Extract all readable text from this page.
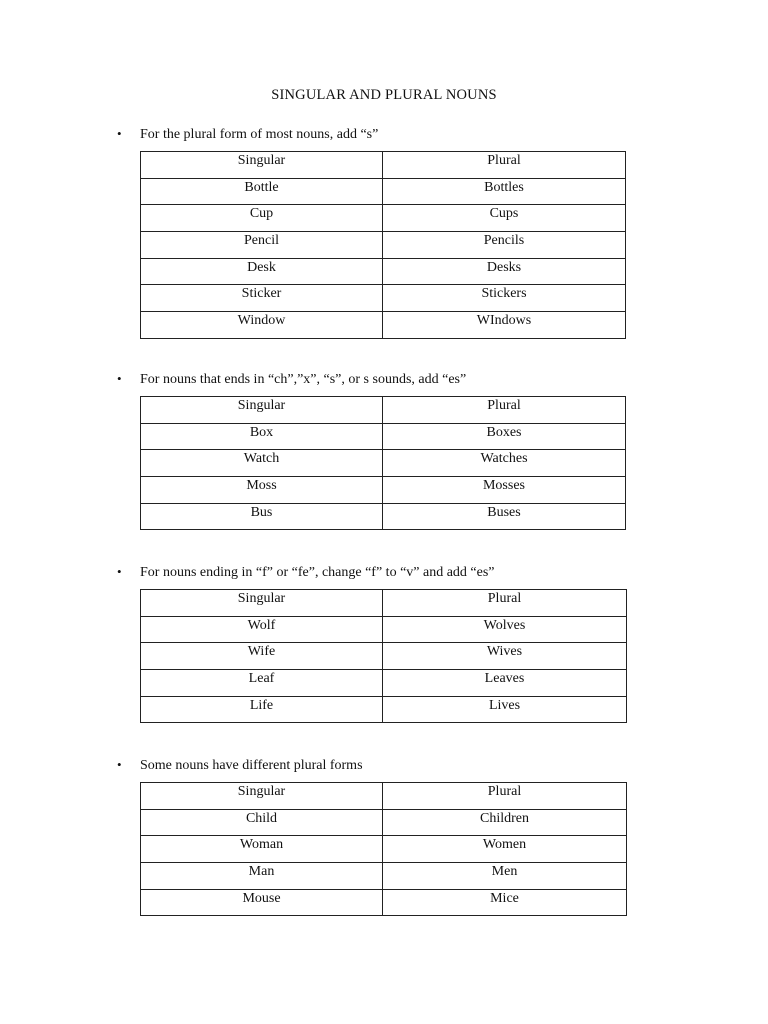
SINGULAR AND PLURAL NOUNS
• For the plural form of most nouns, add “s”
Singular	Plural
Bottle	Bottles
Cup	Cups
Pencil	Pencils
Desk	Desks
Sticker	Stickers
Window	WIndows
• For nouns that ends in “ch”,”x”, “s”, or s sounds, add “es”
Singular	Plural
Box	Boxes
Watch	Watches
Moss	Mosses
Bus	Buses
• For nouns ending in “f” or “fe”, change “f” to “v” and add “es”
Singular	Plural
Wolf	Wolves
Wife	Wives
Leaf	Leaves
Life	Lives
• Some nouns have different plural forms
Singular	Plural
Child	Children
Woman	Women
Man	Men
Mouse	Mice
